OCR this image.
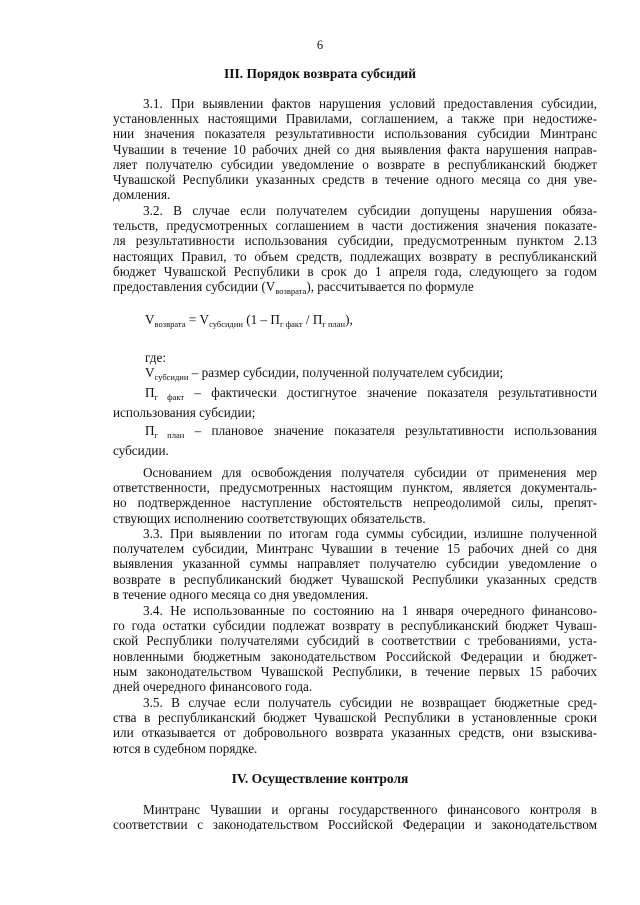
6
III. Порядок возврата субсидий
3.1. При выявлении фактов нарушения условий предоставления субсидии,
установленных настоящими Правилами, соглашением, а также при недостиже-
нии значения показателя результативности использования субсидии Минтранс
Чувашии в течение 10 рабочих дней со дня выявления факта нарушения направ-
ляет получателю субсидии уведомление о возврате в республиканский бюджет
Чувашской Республики указанных средств в течение одного месяца со дня уве-
домления.
3.2. В случае если получателем субсидии допущены нарушения обяза-
тельств, предусмотренных соглашением в части достижения значения показате-
ля результативности использования субсидии, предусмотренным пунктом 2.13
настоящих Правил, то объем средств, подлежащих возврату в республиканский
бюджет Чувашской Республики в срок до 1 апреля года, следующего за годом
предоставления субсидии $(V_{возврата})$, рассчитывается по формуле
$V_{возврата} = V_{субсидии}$ $(1 - П_{г факт} / П_{г план})$,
где:
$V_{субсидии}$ – размер субсидии, полученной получателем субсидии;
$П_{г факт}$ – фактически достигнутое значение показателя результативности
использования субсидии;
$П_{г план}$ – плановое значение показателя результативности использования
субсидии.
Основанием для освобождения получателя субсидии от применения мер
ответственности, предусмотренных настоящим пунктом, является документаль-
но подтвержденное наступление обстоятельств непреодолимой силы, препят-
ствующих исполнению соответствующих обязательств.
3.3. При выявлении по итогам года суммы субсидии, излишне полученной
получателем субсидии, Минтранс Чувашии в течение 15 рабочих дней со дня
выявления указанной суммы направляет получателю субсидии уведомление о
возврате в республиканский бюджет Чувашской Республики указанных средств
в течение одного месяца со дня уведомления.
3.4. Не использованные по состоянию на 1 января очередного финансово-
го года остатки субсидии подлежат возврату в республиканский бюджет Чуваш-
ской Республики получателями субсидий в соответствии с требованиями, уста-
новленными бюджетным законодательством Российской Федерации и бюджет-
ным законодательством Чувашской Республики, в течение первых 15 рабочих
дней очередного финансового года.
3.5. В случае если получатель субсидии не возвращает бюджетные сред-
ства в республиканский бюджет Чувашской Республики в установленные сроки
или отказывается от добровольного возврата указанных средств, они взыскива-
ются в судебном порядке.
IV. Осуществление контроля
Минтранс Чувашии и органы государственного финансового контроля в
соответствии с законодательством Российской Федерации и законодательством
